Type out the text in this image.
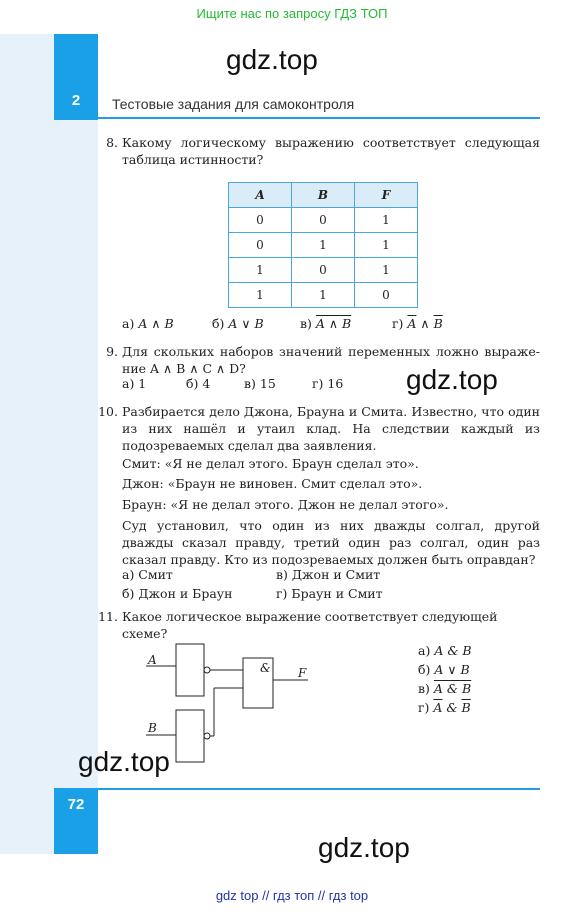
Ищите нас по запросу ГДЗ ТОП
2
gdz.top
Тестовые задания для самоконтроля
8. Какому логическому выражению соответствует следующая таблица истинности?
A	B	F
0	0	1
0	1	1
1	0	1
1	1	0
а) A ∧ B	б) A ∨ B	в) A ∧ B	г) $\overline{A}$ ∧ $\overline{B}$
9. Для скольких наборов значений переменных ложно выраже-ние A ∧ B ∧ C ∧ D?
а) 1	б) 4	в) 15	г) 16 gdz.top
10. Разбирается дело Джона, Брауна и Смита. Известно, что один из них нашёл и утаил клад. На следствии каждый из подозреваемых сделал два заявления.
Смит: «Я не делал этого. Браун сделал это».
Джон: «Браун не виновен. Смит сделал это».
Браун: «Я не делал этого. Джон не делал этого».
Суд установил, что один из них дважды солгал, другой дважды сказал правду, третий один раз солгал, один раз сказал правду. Кто из подозреваемых должен быть оправдан?
а) Смит	в) Джон и Смит
б) Джон и Браун	г) Браун и Смит
11. Какое логическое выражение соответствует следующей схеме?
A
B
F
&
а) A & B
б) A ∨ B
в) A & B
г) $\overline{A}$ & $\overline{B}$
gdz.top
72
gdz.top
gdz top // гдз топ // гдз top
